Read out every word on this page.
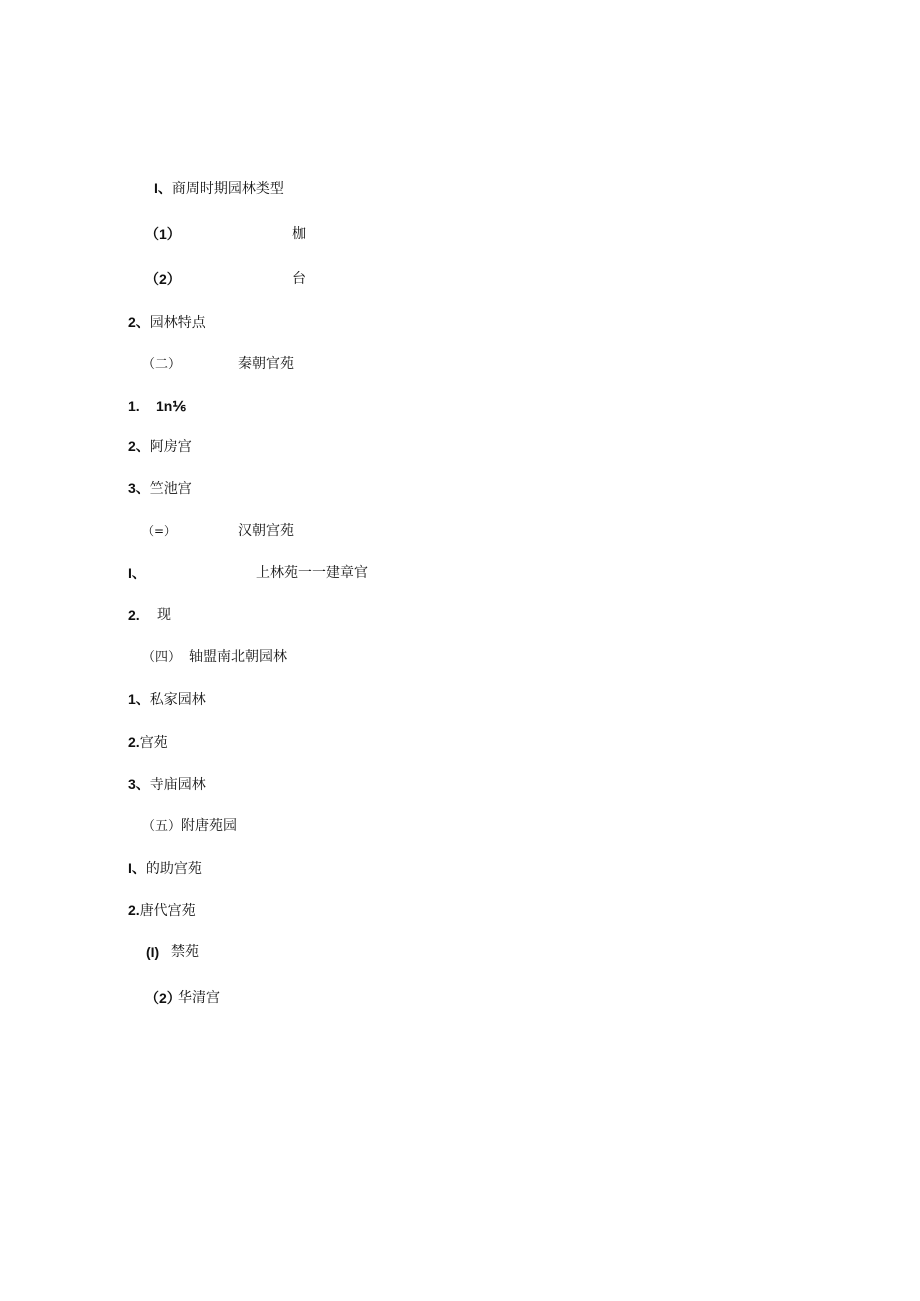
I、商周时期园林类型
（1）	枷
（2）	台
2、园林特点
（二）	秦朝官苑
1. 1n⅙
2、阿房宫
3、竺池宫
（=）	汉朝宫苑
I、	上林苑一一建章官
2. 现
（四） 轴盟南北朝园林
1、私家园林
2.宫苑
3、寺庙园林
（五）附唐苑园
I、的助宫苑
2.唐代宫苑
(I) 禁苑
（2）
华清宫
